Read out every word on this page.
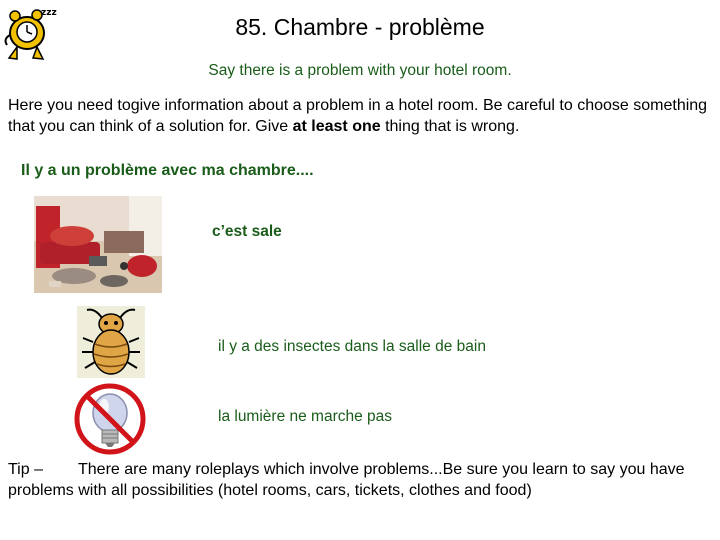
zzz
85. Chambre - problème
Say there is a problem with your hotel room.
Here you need togive information about a problem in a hotel room. Be careful to choose something that you can think of a solution for. Give at least one thing that is wrong.
Il y a un problème avec ma chambre....
c’est sale
il y a des insectes dans la salle de bain
la lumière ne marche pas
Tip – There are many roleplays which involve problems...Be sure you learn to say you have problems with all possibilities (hotel rooms, cars, tickets, clothes and food)
